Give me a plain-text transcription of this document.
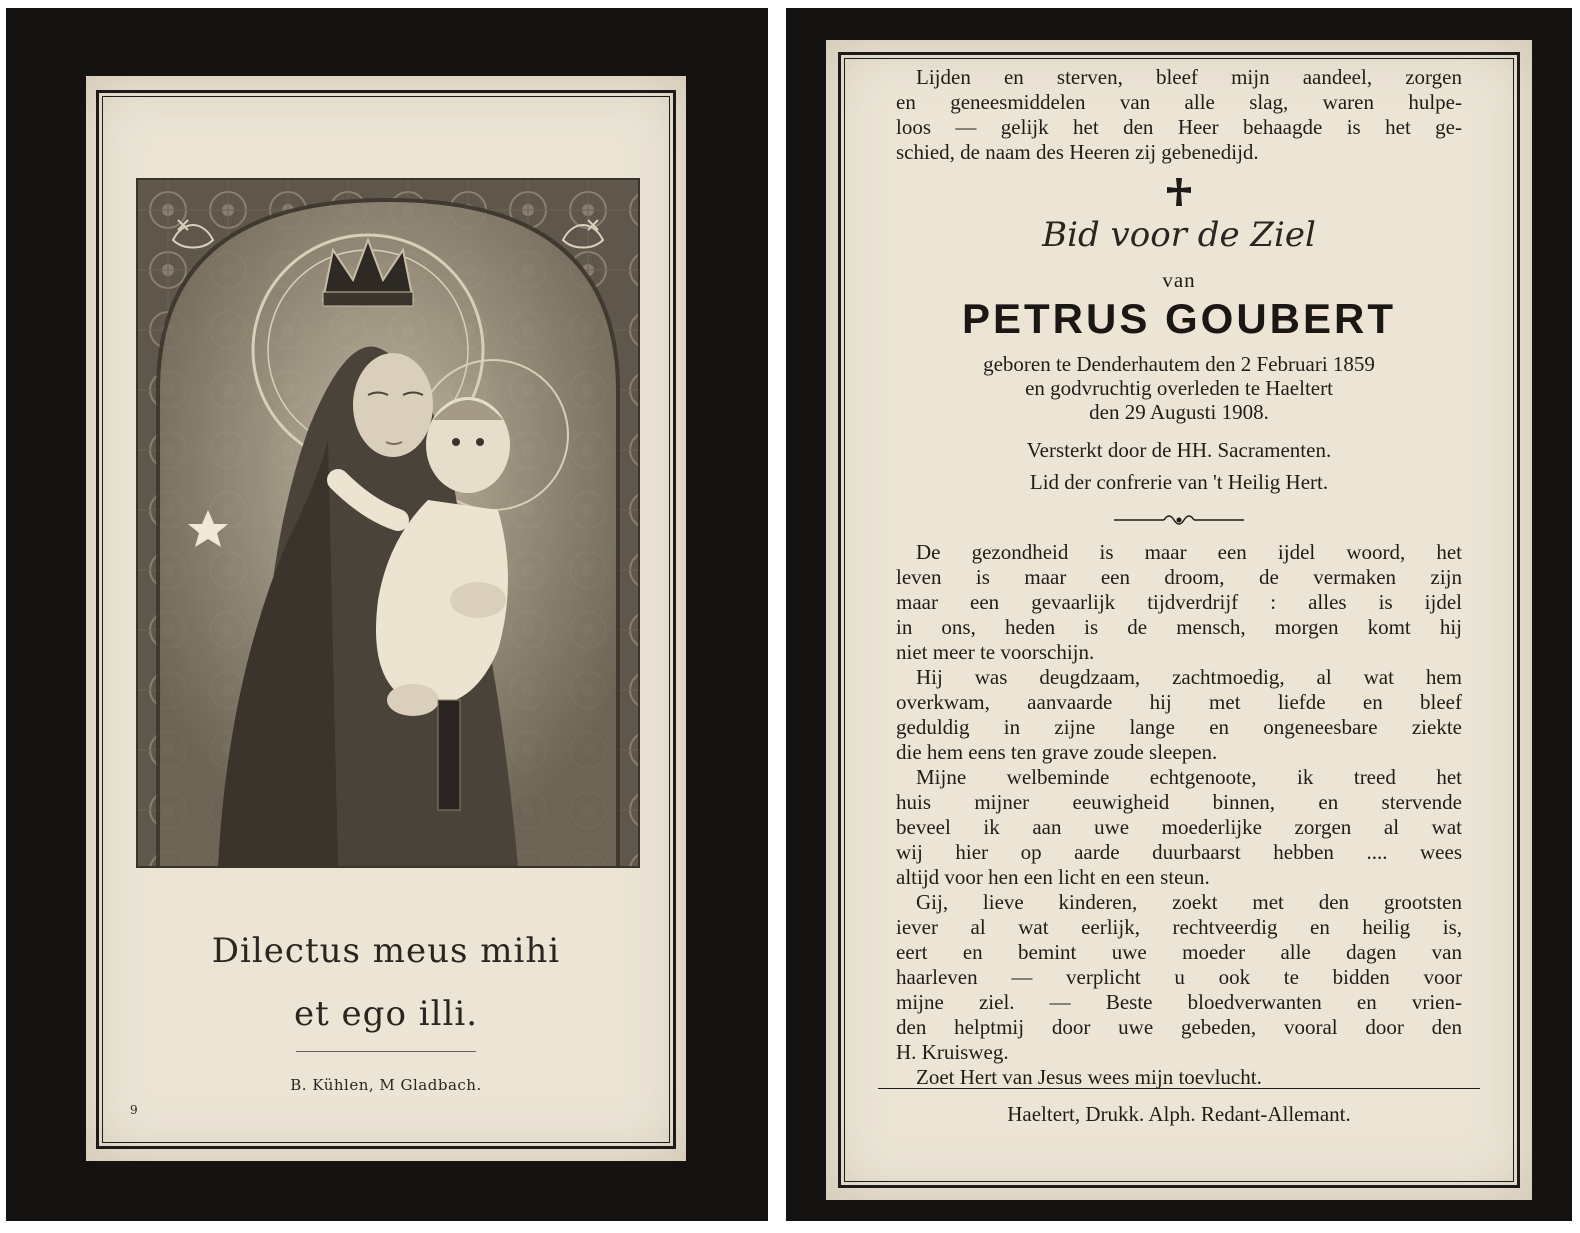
Dilectus meus mihi
et ego illi.
B. Kühlen, M Gladbach.
9
Lijden en sterven, bleef mijn aandeel, zorgen
en geneesmiddelen van alle slag, waren hulpe-
loos — gelijk het den Heer behaagde is het ge-
schied, de naam des Heeren zij gebenedijd.
Bid voor de Ziel
van
PETRUS GOUBERT
geboren te Denderhautem den 2 Februari 1859
en godvruchtig overleden te Haeltert
den 29 Augusti 1908.
Versterkt door de HH. Sacramenten.
Lid der confrerie van 't Heilig Hert.
De gezondheid is maar een ijdel woord, het
leven is maar een droom, de vermaken zijn
maar een gevaarlijk tijdverdrijf : alles is ijdel
in ons, heden is de mensch, morgen komt hij
niet meer te voorschijn.
Hij was deugdzaam, zachtmoedig, al wat hem
overkwam, aanvaarde hij met liefde en bleef
geduldig in zijne lange en ongeneesbare ziekte
die hem eens ten grave zoude sleepen.
Mijne welbeminde echtgenoote, ik treed het
huis mijner eeuwigheid binnen, en stervende
beveel ik aan uwe moederlijke zorgen al wat
wij hier op aarde duurbaarst hebben .... wees
altijd voor hen een licht en een steun.
Gij, lieve kinderen, zoekt met den grootsten
iever al wat eerlijk, rechtveerdig en heilig is,
eert en bemint uwe moeder alle dagen van
haarleven — verplicht u ook te bidden voor
mijne ziel. — Beste bloedverwanten en vrien-
den helptmij door uwe gebeden, vooral door den
H. Kruisweg.
Zoet Hert van Jesus wees mijn toevlucht.
Haeltert, Drukk. Alph. Redant-Allemant.
